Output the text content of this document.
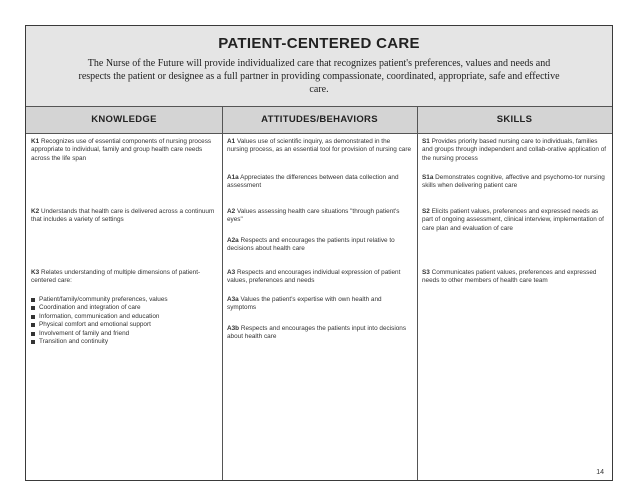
PATIENT-CENTERED CARE
The Nurse of the Future will provide individualized care that recognizes patient's preferences, values and needs and respects the patient or designee as a full partner in providing compassionate, coordinated, appropriate, safe and effective care.
KNOWLEDGE	ATTITUDES/BEHAVIORS	SKILLS

K1 Recognizes use of essential components of nursing process appropriate to individual, family and group health care needs across the life span

K2 Understands that health care is delivered across a continuum that includes a variety of settings

K3 Relates understanding of multiple dimensions of patient-centered care:

Patient/family/community preferences, values
Coordination and integration of care
Information, communication and education
Physical comfort and emotional support
Involvement of family and friend
Transition and continuity

A1 Values use of scientific inquiry, as demonstrated in the nursing process, as an essential tool for provision of nursing care

A1a Appreciates the differences between data collection and assessment

A2 Values assessing health care situations "through patient's eyes"

A2a Respects and encourages the patients input relative to decisions about health care

A3 Respects and encourages individual expression of patient values, preferences and needs

A3a Values the patient's expertise with own health and symptoms

A3b Respects and encourages the patients input into decisions about health care

S1 Provides priority based nursing care to individuals, families and groups through independent and collab-orative application of the nursing process

S1a Demonstrates cognitive, affective and psychomo-tor nursing skills when delivering patient care

S2 Elicits patient values, preferences and expressed needs as part of ongoing assessment, clinical interview, implementation of care plan and evaluation of care

S3 Communicates patient values, preferences and expressed needs to other members of health care team

14
